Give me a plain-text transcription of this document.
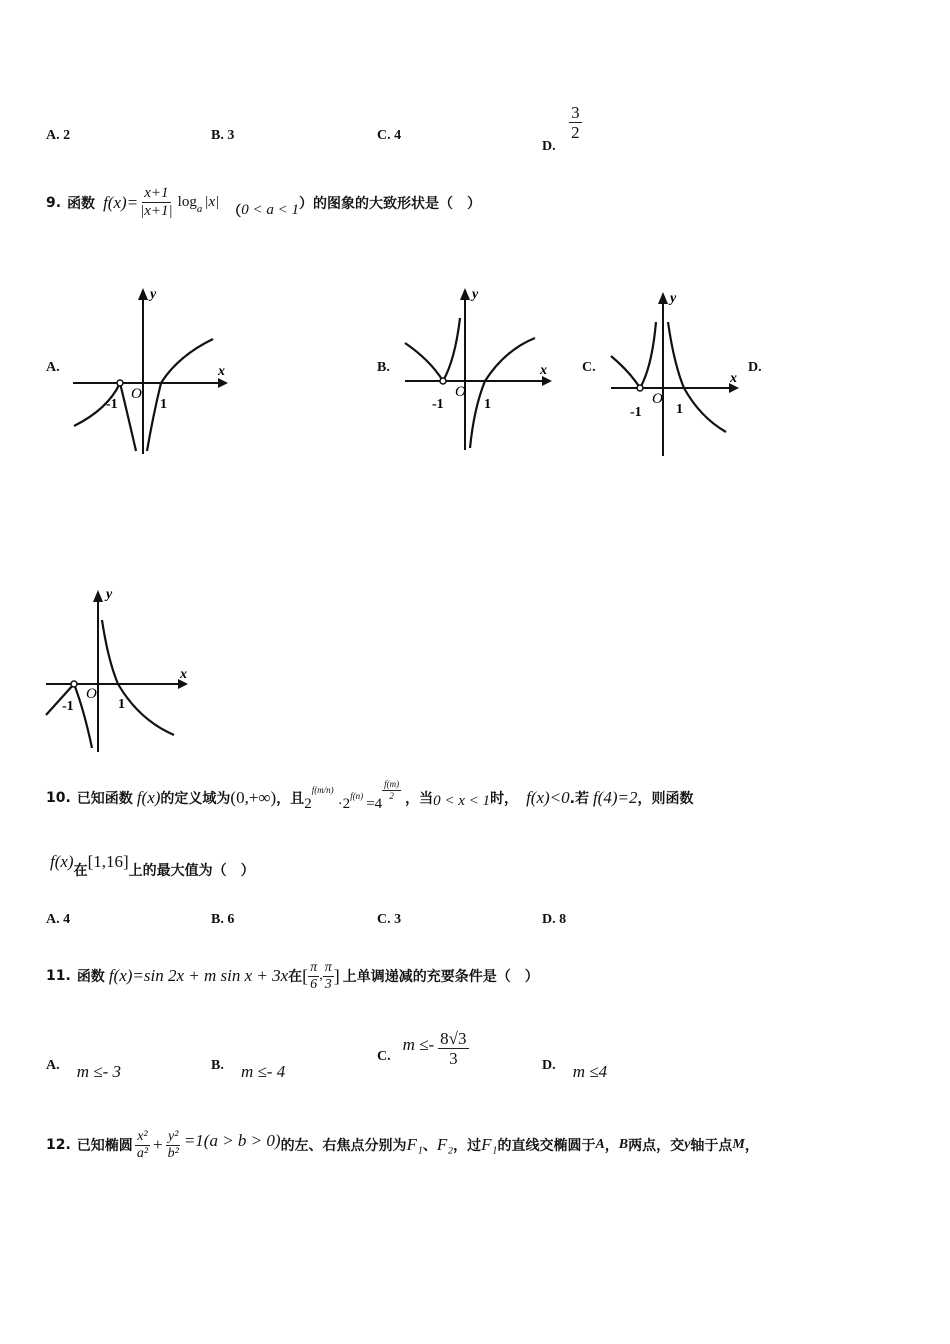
A. 2	B. 3	C. 4
D.
$\frac{3}{2}$
9. 函数 $f(x)= \frac{x+1}{|x+1|} \log_a |x|$
（ 0 < a < 1 ）的图象的大致形状是（　）
A.
y
x
-1
O
1
B.
y
x
-1
O
1
C.
y
x
-1
O
1
D.
y
x
-1
O
1
10. 已知函数 f(x) 的定义域为 (0,+∞) ，且 2
f(m/n)
·2 f(n) =4
$\frac{f(m)}{2}$ ，当 0 < x < 1 时， f(x)<0 .若 f(4)=2 ，则函数
f(x) 在 [1,16] 上的最大值为（　）
A. 4	B. 6	C. 3	D. 8
11. 函数 f(x)=sin 2x + m sin x + 3x 在 [ $\frac{\pi}{6}$ , $\frac{\pi}{3}$ ] 上单调递减的充要条件是（　）
A. m ≤- 3	B. m ≤- 4
C.
$m \le- \frac{8√3}{3}$	D. m ≤4
12. 已知椭圆 $\frac{\text{x²}}{\text{a²}} + \frac{\text{y²}}{\text{b²}} =1(a > b > 0)$ 的左、右焦点分别为 F₁ 、 F₂ ，过 F₁ 的直线交椭圆于 A ， B 两点，交 y 轴于点 M ，
